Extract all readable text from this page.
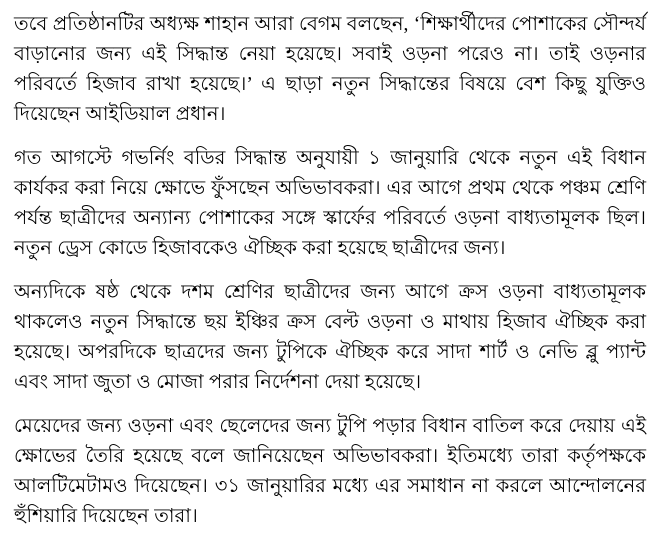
তবে প্রতিষ্ঠানটির অধ্যক্ষ শাহান আরা বেগম বলছেন, ‘শিক্ষার্থীদের পোশাকের সৌন্দর্য বাড়ানোর জন্য এই সিদ্ধান্ত নেয়া হয়েছে। সবাই ওড়না পরেও না। তাই ওড়নার পরিবর্তে হিজাব রাখা হয়েছে।’ এ ছাড়া নতুন সিদ্ধান্তের বিষয়ে বেশ কিছু যুক্তিও দিয়েছেন আইডিয়াল প্রধান।

গত আগস্টে গভর্নিং বডির সিদ্ধান্ত অনুযায়ী ১ জানুয়ারি থেকে নতুন এই বিধান কার্যকর করা নিয়ে ক্ষোভে ফুঁসছেন অভিভাবকরা। এর আগে প্রথম থেকে পঞ্চম শ্রেণি পর্যন্ত ছাত্রীদের অন্যান্য পোশাকের সঙ্গে স্কার্ফের পরিবর্তে ওড়না বাধ্যতামূলক ছিল। নতুন ড্রেস কোডে হিজাবকেও ঐচ্ছিক করা হয়েছে ছাত্রীদের জন্য।

অন্যদিকে ষষ্ঠ থেকে দশম শ্রেণির ছাত্রীদের জন্য আগে ক্রস ওড়না বাধ্যতামূলক থাকলেও নতুন সিদ্ধান্তে ছয় ইঞ্চির ক্রস বেল্ট ওড়না ও মাথায় হিজাব ঐচ্ছিক করা হয়েছে। অপরদিকে ছাত্রদের জন্য টুপিকে ঐচ্ছিক করে সাদা শার্ট ও নেভি ব্লু প্যান্ট এবং সাদা জুতা ও মোজা পরার নির্দেশনা দেয়া হয়েছে।

মেয়েদের জন্য ওড়না এবং ছেলেদের জন্য টুপি পড়ার বিধান বাতিল করে দেয়ায় এই ক্ষোভের তৈরি হয়েছে বলে জানিয়েছেন অভিভাবকরা। ইতিমধ্যে তারা কর্তৃপক্ষকে আলটিমেটামও দিয়েছেন। ৩১ জানুয়ারির মধ্যে এর সমাধান না করলে আন্দোলনের হুঁশিয়ারি দিয়েছেন তারা।
